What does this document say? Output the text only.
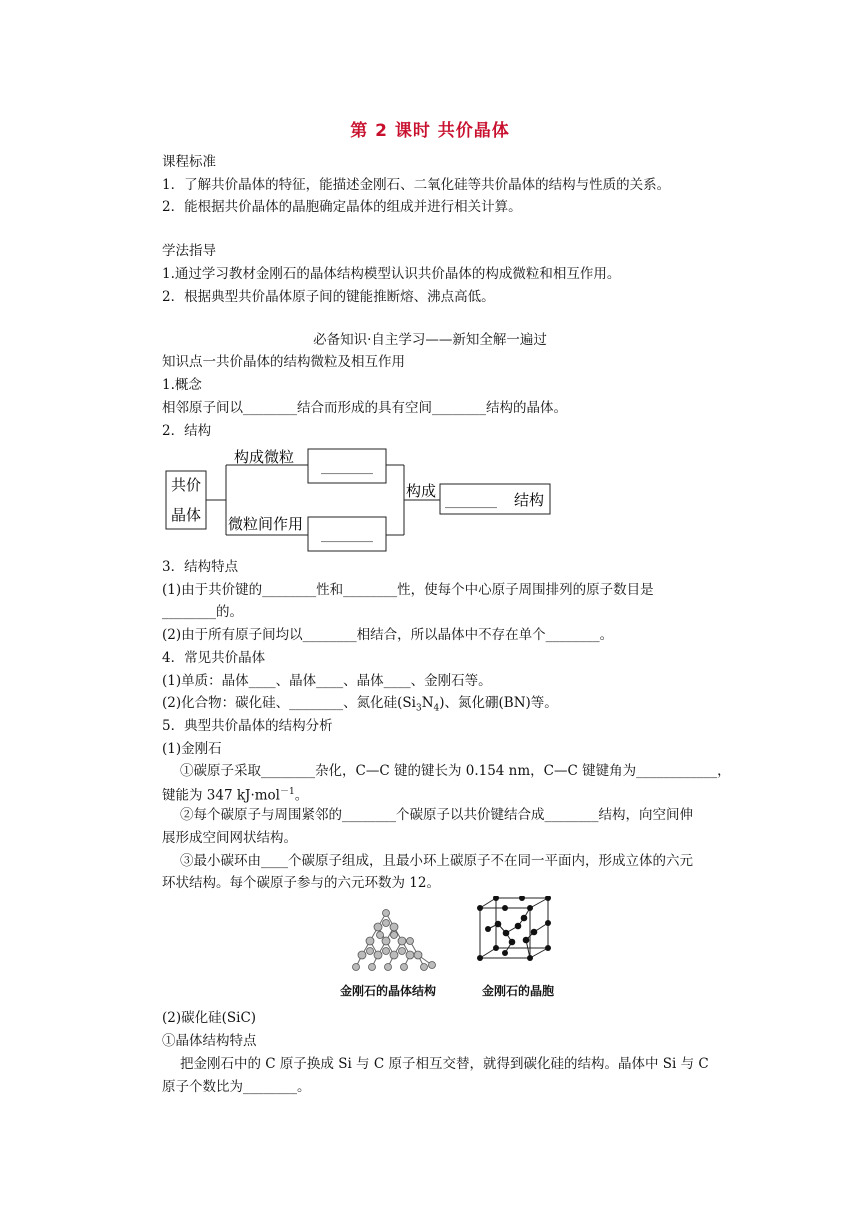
第 2 课时 共价晶体
课程标准
1．了解共价晶体的特征，能描述金刚石、二氧化硅等共价晶体的结构与性质的关系。
2．能根据共价晶体的晶胞确定晶体的组成并进行相关计算。
学法指导
1.通过学习教材金刚石的晶体结构模型认识共价晶体的构成微粒和相互作用。
2．根据典型共价晶体原子间的键能推断熔、沸点高低。
必备知识·自主学习——新知全解一遍过
知识点一共价晶体的结构微粒及相互作用
1.概念
相邻原子间以________结合而形成的具有空间________结构的晶体。
2．结构
共价
晶体
构成微粒
微粒间作用
________
________
构成
________ 结构
3．结构特点
(1)由于共价键的________性和________性，使每个中心原子周围排列的原子数目是
________的。
(2)由于所有原子间均以________相结合，所以晶体中不存在单个________。
4．常见共价晶体
(1)单质：晶体____、晶体____、晶体____、金刚石等。
(2)化合物：碳化硅、________、氮化硅$(Si_3N_4)$、氮化硼(BN)等。
5．典型共价晶体的结构分析
(1)金刚石
①碳原子采取________杂化，C—C 键的键长为 0.154 nm，C—C 键键角为____________，
键能为 347 kJ·mol$^{-1}$。
②每个碳原子与周围紧邻的________个碳原子以共价键结合成________结构，向空间伸
展形成空间网状结构。
③最小碳环由____个碳原子组成，且最小环上碳原子不在同一平面内，形成立体的六元
环状结构。每个碳原子参与的六元环数为 12。
金刚石的晶体结构	金刚石的晶胞
(2)碳化硅(SiC)
①晶体结构特点
把金刚石中的 C 原子换成 Si 与 C 原子相互交替，就得到碳化硅的结构。晶体中 Si 与 C
原子个数比为________。
